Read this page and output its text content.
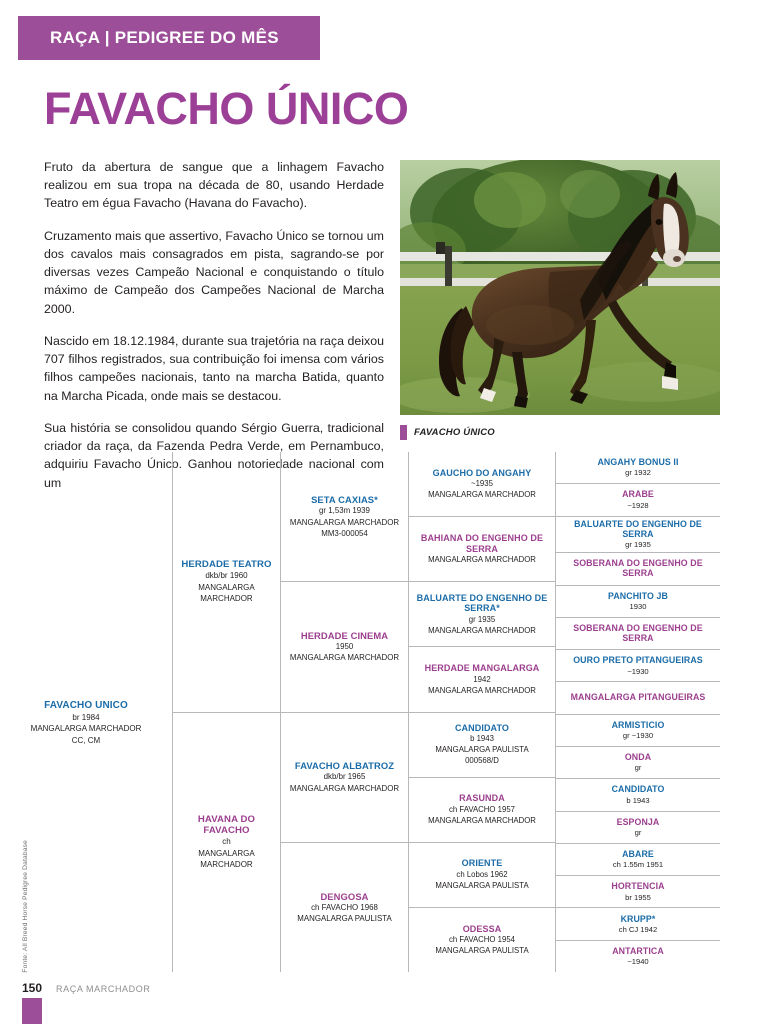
RAÇA | PEDIGREE DO MÊS
FAVACHO ÚNICO

Fruto da abertura de sangue que a linhagem Favacho realizou em sua tropa na década de 80, usando Herdade Teatro em égua Favacho (Havana do Favacho).

Cruzamento mais que assertivo, Favacho Único se tornou um dos cavalos mais consagrados em pista, sagrando-se por diversas vezes Campeão Nacional e conquistando o título máximo de Campeão dos Campeões Nacional de Marcha 2000.

Nascido em 18.12.1984, durante sua trajetória na raça deixou 707 filhos registrados, sua contribuição foi imensa com vários filhos campeões nacionais, tanto na marcha Batida, quanto na Marcha Picada, onde mais se destacou.

Sua história se consolidou quando Sérgio Guerra, tradicional criador da raça, da Fazenda Pedra Verde, em Pernambuco, adquiriu Favacho Único. Ganhou notoriedade nacional com um

FAVACHO ÚNICO
Fonte: All Breed Horse Pedigree Database
FAVACHO UNICO
br 1984
MANGALARGA MARCHADOR
CC, CM
HERDADE TEATRO
dkb/br 1960
MANGALARGA
MARCHADOR
HAVANA DO FAVACHO
ch
MANGALARGA
MARCHADOR
SETA CAXIAS*
gr 1,53m 1939
MANGALARGA MARCHADOR
MM3-000054
HERDADE CINEMA
1950
MANGALARGA MARCHADOR
FAVACHO ALBATROZ
dkb/br 1965
MANGALARGA MARCHADOR
DENGOSA
ch FAVACHO 1968
MANGALARGA PAULISTA
GAUCHO DO ANGAHY
~1935
MANGALARGA MARCHADOR
BAHIANA DO ENGENHO DE SERRA
MANGALARGA MARCHADOR
BALUARTE DO ENGENHO DE SERRA*
gr 1935
MANGALARGA MARCHADOR
HERDADE MANGALARGA
1942
MANGALARGA MARCHADOR
CANDIDATO
b 1943
MANGALARGA PAULISTA
000568/D
RASUNDA
ch FAVACHO 1957
MANGALARGA MARCHADOR
ORIENTE
ch Lobos 1962
MANGALARGA PAULISTA
ODESSA
ch FAVACHO 1954
MANGALARGA PAULISTA
ANGAHY BONUS II
gr 1932
ARABE
~1928
BALUARTE DO ENGENHO DE SERRA
gr 1935
SOBERANA DO ENGENHO DE SERRA
PANCHITO JB
1930
SOBERANA DO ENGENHO DE SERRA
OURO PRETO PITANGUEIRAS
~1930
MANGALARGA PITANGUEIRAS
ARMISTICIO
gr ~1930
ONDA
gr
CANDIDATO
b 1943
ESPONJA
gr
ABARE
ch 1.55m 1951
HORTENCIA
br 1955
KRUPP*
ch CJ 1942
ANTARTICA
~1940
150 RAÇA MARCHADOR
